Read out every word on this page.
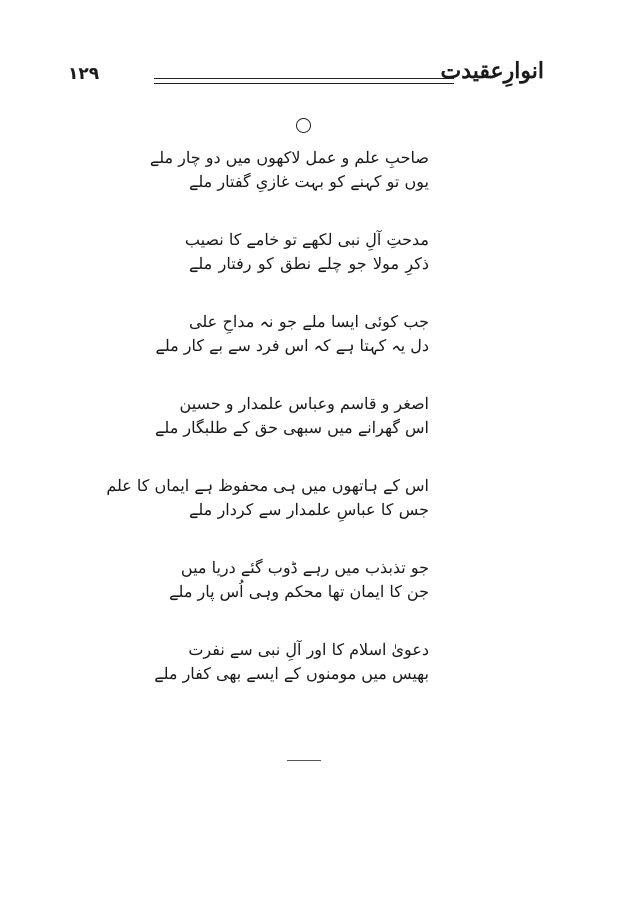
۱۲۹	انوارِعقیدت
صاحبِ علم و عمل لاکھوں میں دو چار ملے
یوں تو کہنے کو بہت غازیِ گفتار ملے
مدحتِ آلِ نبی لکھے تو خامے کا نصیب
ذکرِ مولا جو چلے نطق کو رفتار ملے
جب کوئی ایسا ملے جو نہ مداحِ علی
دل یہ کہتا ہے کہ اس فرد سے بے کار ملے
اصغر و قاسم وعباس علمدار و حسین
اس گھرانے میں سبھی حق کے طلبگار ملے
اس کے ہاتھوں میں ہی محفوظ ہے ایماں کا علم
جس کا عباسِ علمدار سے کردار ملے
جو تذبذب میں رہے ڈوب گئے دریا میں
جن کا ایمان تھا محکم وہی اُس پار ملے
دعویٰ اسلام کا اور آلِ نبی سے نفرت
بھیس میں مومنوں کے ایسے بھی کفار ملے
